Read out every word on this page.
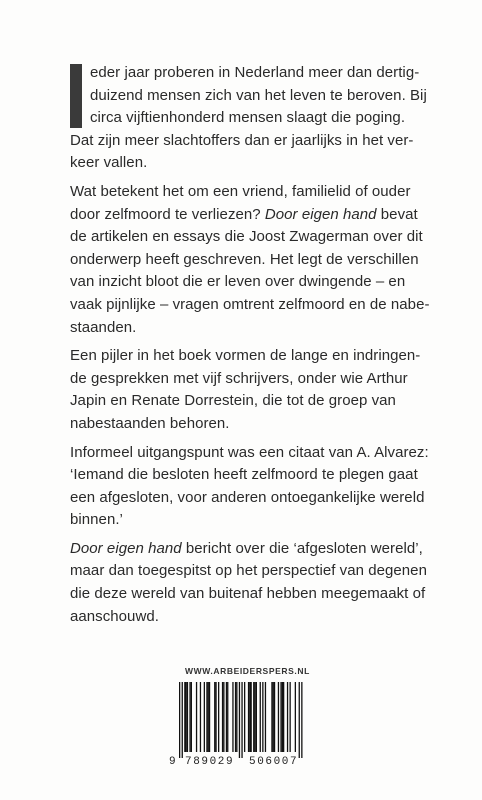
eder jaar proberen in Nederland meer dan dertig-
duizend mensen zich van het leven te beroven. Bij
circa vijftienhonderd mensen slaagt die poging.
Dat zijn meer slachtoffers dan er jaarlijks in het ver-
keer vallen.

Wat betekent het om een vriend, familielid of ouder
door zelfmoord te verliezen? Door eigen hand bevat
de artikelen en essays die Joost Zwagerman over dit
onderwerp heeft geschreven. Het legt de verschillen
van inzicht bloot die er leven over dwingende – en
vaak pijnlijke – vragen omtrent zelfmoord en de nabe-
staanden.

Een pijler in het boek vormen de lange en indringen-
de gesprekken met vijf schrijvers, onder wie Arthur
Japin en Renate Dorrestein, die tot de groep van
nabestaanden behoren.

Informeel uitgangspunt was een citaat van A. Alvarez:
‘Iemand die besloten heeft zelfmoord te plegen gaat
een afgesloten, voor anderen ontoegankelijke wereld
binnen.’

Door eigen hand bericht over die ‘afgesloten wereld’,
maar dan toegespitst op het perspectief van degenen
die deze wereld van buitenaf hebben meegemaakt of
aanschouwd.

WWW.ARBEIDERSPERS.NL
9 789029 506007
